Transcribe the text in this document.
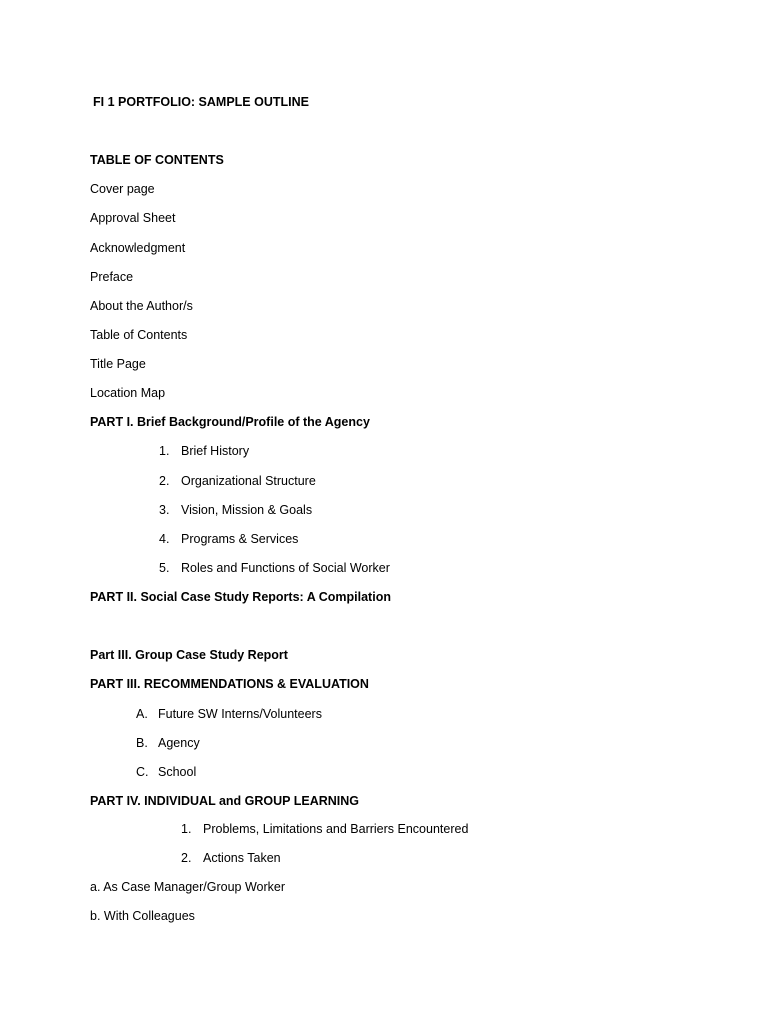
FI 1 PORTFOLIO: SAMPLE OUTLINE
TABLE OF CONTENTS
Cover page
Approval Sheet
Acknowledgment
Preface
About the Author/s
Table of Contents
Title Page
Location Map
PART I. Brief Background/Profile of the Agency
1. Brief History
2. Organizational Structure
3. Vision, Mission & Goals
4. Programs & Services
5. Roles and Functions of Social Worker
PART II. Social Case Study Reports: A Compilation
Part III. Group Case Study Report
PART III. RECOMMENDATIONS & EVALUATION
A. Future SW Interns/Volunteers
B. Agency
C. School
PART IV. INDIVIDUAL and GROUP LEARNING
1. Problems, Limitations and Barriers Encountered
2. Actions Taken
a. As Case Manager/Group Worker
b. With Colleagues
